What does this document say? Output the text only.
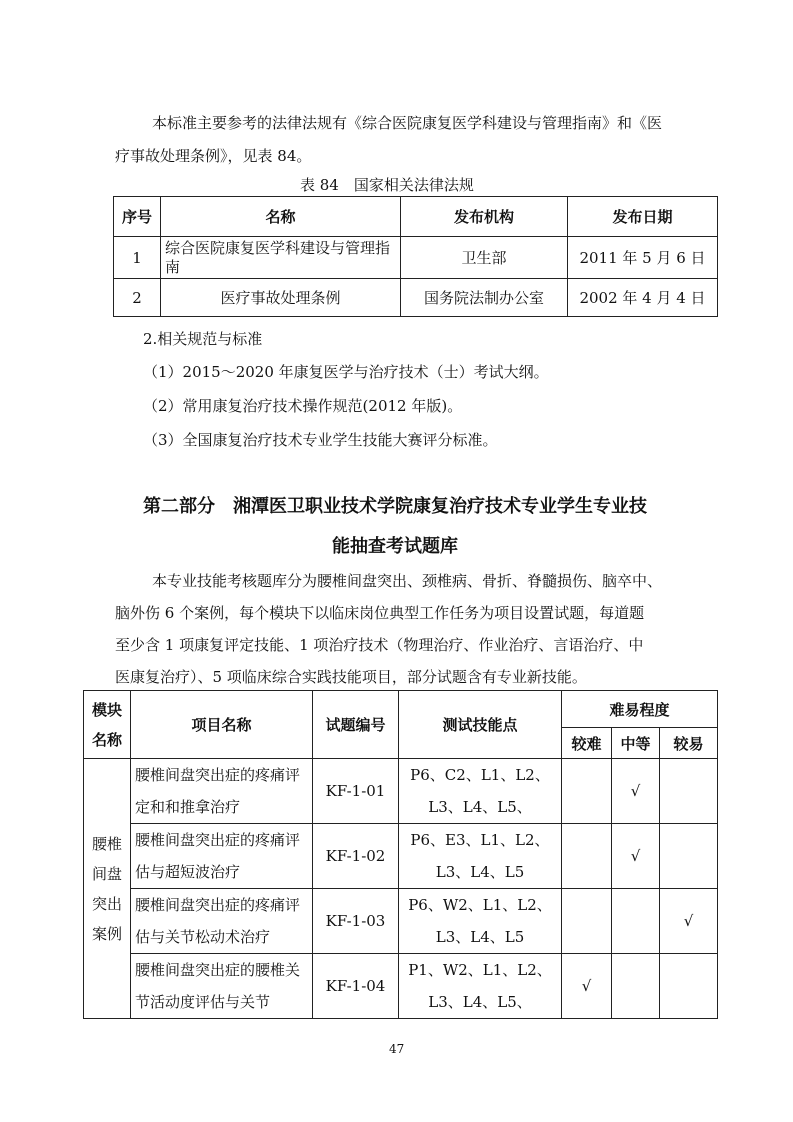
本标准主要参考的法律法规有《综合医院康复医学科建设与管理指南》和《医
疗事故处理条例》，见表 84。
表 84　国家相关法律法规
序号	名称	发布机构	发布日期
1	综合医院康复医学科建设与管理指南	卫生部	2011 年 5 月 6 日
2	医疗事故处理条例	国务院法制办公室	2002 年 4 月 4 日
2.相关规范与标准
（1）2015～2020 年康复医学与治疗技术（士）考试大纲。
（2）常用康复治疗技术操作规范(2012 年版)。
（3）全国康复治疗技术专业学生技能大赛评分标准。
第二部分　湘潭医卫职业技术学院康复治疗技术专业学生专业技
能抽查考试题库
本专业技能考核题库分为腰椎间盘突出、颈椎病、骨折、脊髓损伤、脑卒中、
脑外伤 6 个案例，每个模块下以临床岗位典型工作任务为项目设置试题，每道题
至少含 1 项康复评定技能、1 项治疗技术（物理治疗、作业治疗、言语治疗、中
医康复治疗）、5 项临床综合实践技能项目，部分试题含有专业新技能。
模块名称	项目名称	试题编号	测试技能点	难易程度		
				较难	中等	较易
腰椎间盘突出案例	腰椎间盘突出症的疼痛评定和和推拿治疗	KF-1-01	P6、C2、L1、L2、L3、L4、L5、		√	
	腰椎间盘突出症的疼痛评估与超短波治疗	KF-1-02	P6、E3、L1、L2、L3、L4、L5		√	
	腰椎间盘突出症的疼痛评估与关节松动术治疗	KF-1-03	P6、W2、L1、L2、L3、L4、L5			√
	腰椎间盘突出症的腰椎关节活动度评估与关节	KF-1-04	P1、W2、L1、L2、L3、L4、L5、	√		
47
